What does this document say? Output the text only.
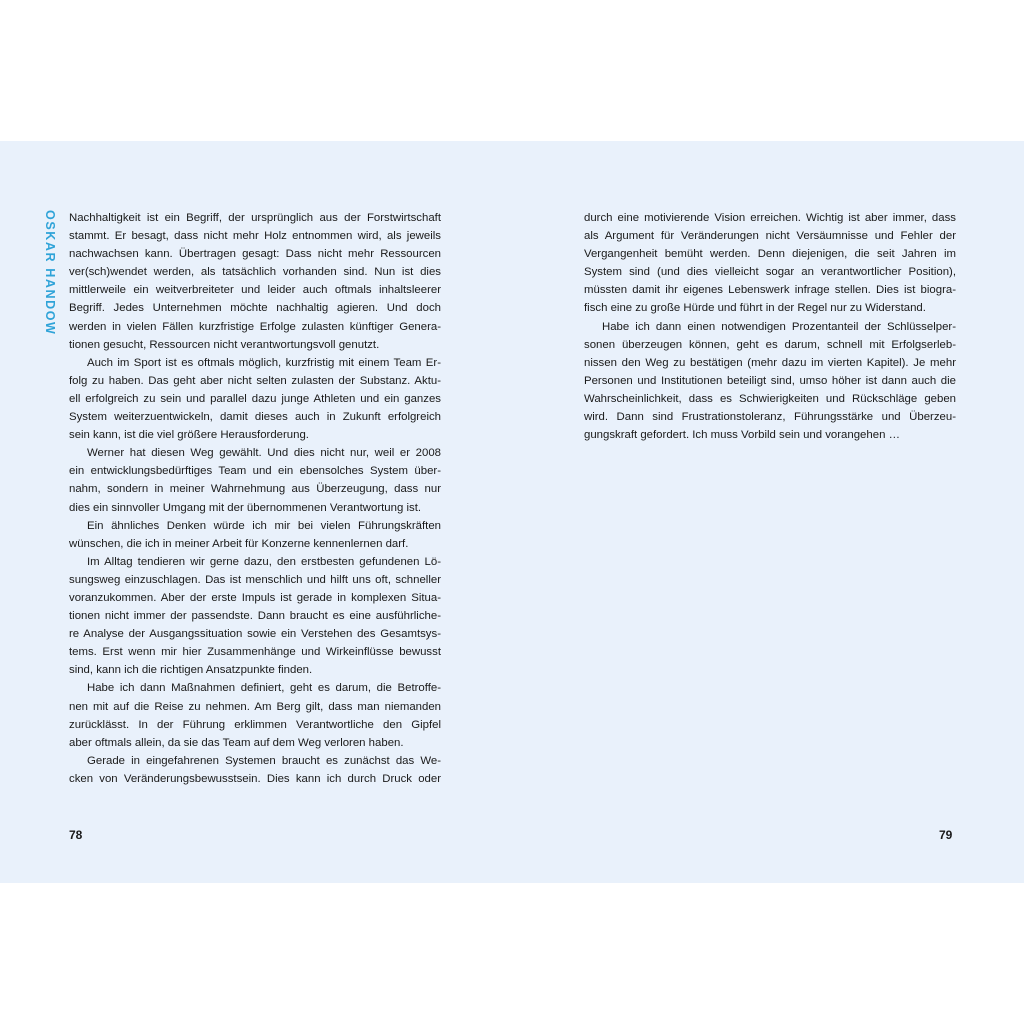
OSKAR HANDOW Nachhaltigkeit ist ein Begriff, der ursprünglich aus der Forstwirtschaft
stammt. Er besagt, dass nicht mehr Holz entnommen wird, als jeweils
nachwachsen kann. Übertragen gesagt: Dass nicht mehr Ressourcen
ver(sch)wendet werden, als tatsächlich vorhanden sind. Nun ist dies
mittlerweile ein weitverbreiteter und leider auch oftmals inhaltsleerer
Begriff. Jedes Unternehmen möchte nachhaltig agieren. Und doch
werden in vielen Fällen kurzfristige Erfolge zulasten künftiger Genera-
tionen gesucht, Ressourcen nicht verantwortungsvoll genutzt.
Auch im Sport ist es oftmals möglich, kurzfristig mit einem Team Er-
folg zu haben. Das geht aber nicht selten zulasten der Substanz. Aktu-
ell erfolgreich zu sein und parallel dazu junge Athleten und ein ganzes
System weiterzuentwickeln, damit dieses auch in Zukunft erfolgreich
sein kann, ist die viel größere Herausforderung.
Werner hat diesen Weg gewählt. Und dies nicht nur, weil er 2008
ein entwicklungsbedürftiges Team und ein ebensolches System über-
nahm, sondern in meiner Wahrnehmung aus Überzeugung, dass nur
dies ein sinnvoller Umgang mit der übernommenen Verantwortung ist.
Ein ähnliches Denken würde ich mir bei vielen Führungskräften
wünschen, die ich in meiner Arbeit für Konzerne kennenlernen darf.
Im Alltag tendieren wir gerne dazu, den erstbesten gefundenen Lö-
sungsweg einzuschlagen. Das ist menschlich und hilft uns oft, schneller
voranzukommen. Aber der erste Impuls ist gerade in komplexen Situa-
tionen nicht immer der passendste. Dann braucht es eine ausführliche-
re Analyse der Ausgangssituation sowie ein Verstehen des Gesamtsys-
tems. Erst wenn mir hier Zusammenhänge und Wirkeinflüsse bewusst
sind, kann ich die richtigen Ansatzpunkte finden.
Habe ich dann Maßnahmen definiert, geht es darum, die Betroffe-
nen mit auf die Reise zu nehmen. Am Berg gilt, dass man niemanden
zurücklässt. In der Führung erklimmen Verantwortliche den Gipfel
aber oftmals allein, da sie das Team auf dem Weg verloren haben.
Gerade in eingefahrenen Systemen braucht es zunächst das We-
cken von Veränderungsbewusstsein. Dies kann ich durch Druck oder
78
durch eine motivierende Vision erreichen. Wichtig ist aber immer, dass
als Argument für Veränderungen nicht Versäumnisse und Fehler der
Vergangenheit bemüht werden. Denn diejenigen, die seit Jahren im
System sind (und dies vielleicht sogar an verantwortlicher Position),
müssten damit ihr eigenes Lebenswerk infrage stellen. Dies ist biogra-
fisch eine zu große Hürde und führt in der Regel nur zu Widerstand.
Habe ich dann einen notwendigen Prozentanteil der Schlüsselper-
sonen überzeugen können, geht es darum, schnell mit Erfolgserleb-
nissen den Weg zu bestätigen (mehr dazu im vierten Kapitel). Je mehr
Personen und Institutionen beteiligt sind, umso höher ist dann auch die
Wahrscheinlichkeit, dass es Schwierigkeiten und Rückschläge geben
wird. Dann sind Frustrationstoleranz, Führungsstärke und Überzeu-
gungskraft gefordert. Ich muss Vorbild sein und vorangehen …
79
